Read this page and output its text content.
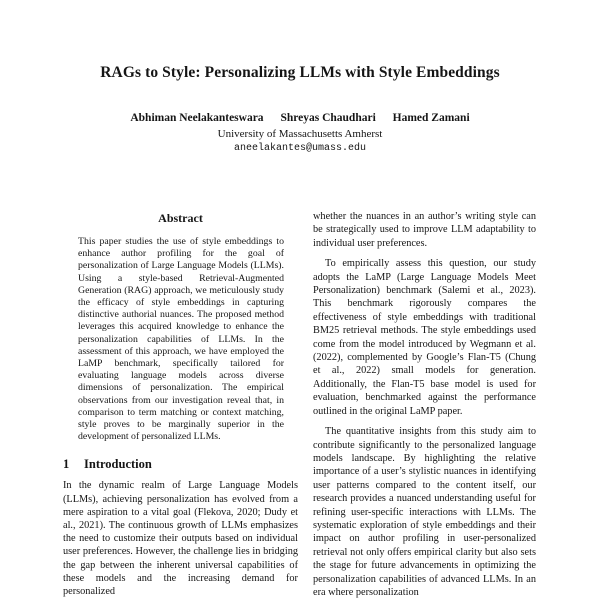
RAGs to Style: Personalizing LLMs with Style Embeddings
Abhiman Neelakanteswara Shreyas Chaudhari Hamed Zamani
University of Massachusetts Amherst
aneelakantes@umass.edu
Abstract

This paper studies the use of style embeddings to enhance author profiling for the goal of personalization of Large Language Models (LLMs). Using a style-based Retrieval-Augmented Generation (RAG) approach, we meticulously study the efficacy of style embeddings in capturing distinctive authorial nuances. The proposed method leverages this acquired knowledge to enhance the personalization capabilities of LLMs. In the assessment of this approach, we have employed the LaMP benchmark, specifically tailored for evaluating language models across diverse dimensions of personalization. The empirical observations from our investigation reveal that, in comparison to term matching or context matching, style proves to be marginally superior in the development of personalized LLMs.

1 Introduction

In the dynamic realm of Large Language Models (LLMs), achieving personalization has evolved from a mere aspiration to a vital goal (Flekova, 2020; Dudy et al., 2021). The continuous growth of LLMs emphasizes the need to customize their outputs based on individual user preferences. However, the challenge lies in bridging the gap between the inherent universal capabilities of these models and the increasing demand for personalized

whether the nuances in an author’s writing style can be strategically used to improve LLM adaptability to individual user preferences.

To empirically assess this question, our study adopts the LaMP (Large Language Models Meet Personalization) benchmark (Salemi et al., 2023). This benchmark rigorously compares the effectiveness of style embeddings with traditional BM25 retrieval methods. The style embeddings used come from the model introduced by Wegmann et al. (2022), complemented by Google’s Flan-T5 (Chung et al., 2022) small models for generation. Additionally, the Flan-T5 base model is used for evaluation, benchmarked against the performance outlined in the original LaMP paper.

The quantitative insights from this study aim to contribute significantly to the personalized language models landscape. By highlighting the relative importance of a user’s stylistic nuances in identifying user patterns compared to the content itself, our research provides a nuanced understanding useful for refining user-specific interactions with LLMs. The systematic exploration of style embeddings and their impact on author profiling in user-personalized retrieval not only offers empirical clarity but also sets the stage for future advancements in optimizing the personalization capabilities of advanced LLMs. In an era where personalization
